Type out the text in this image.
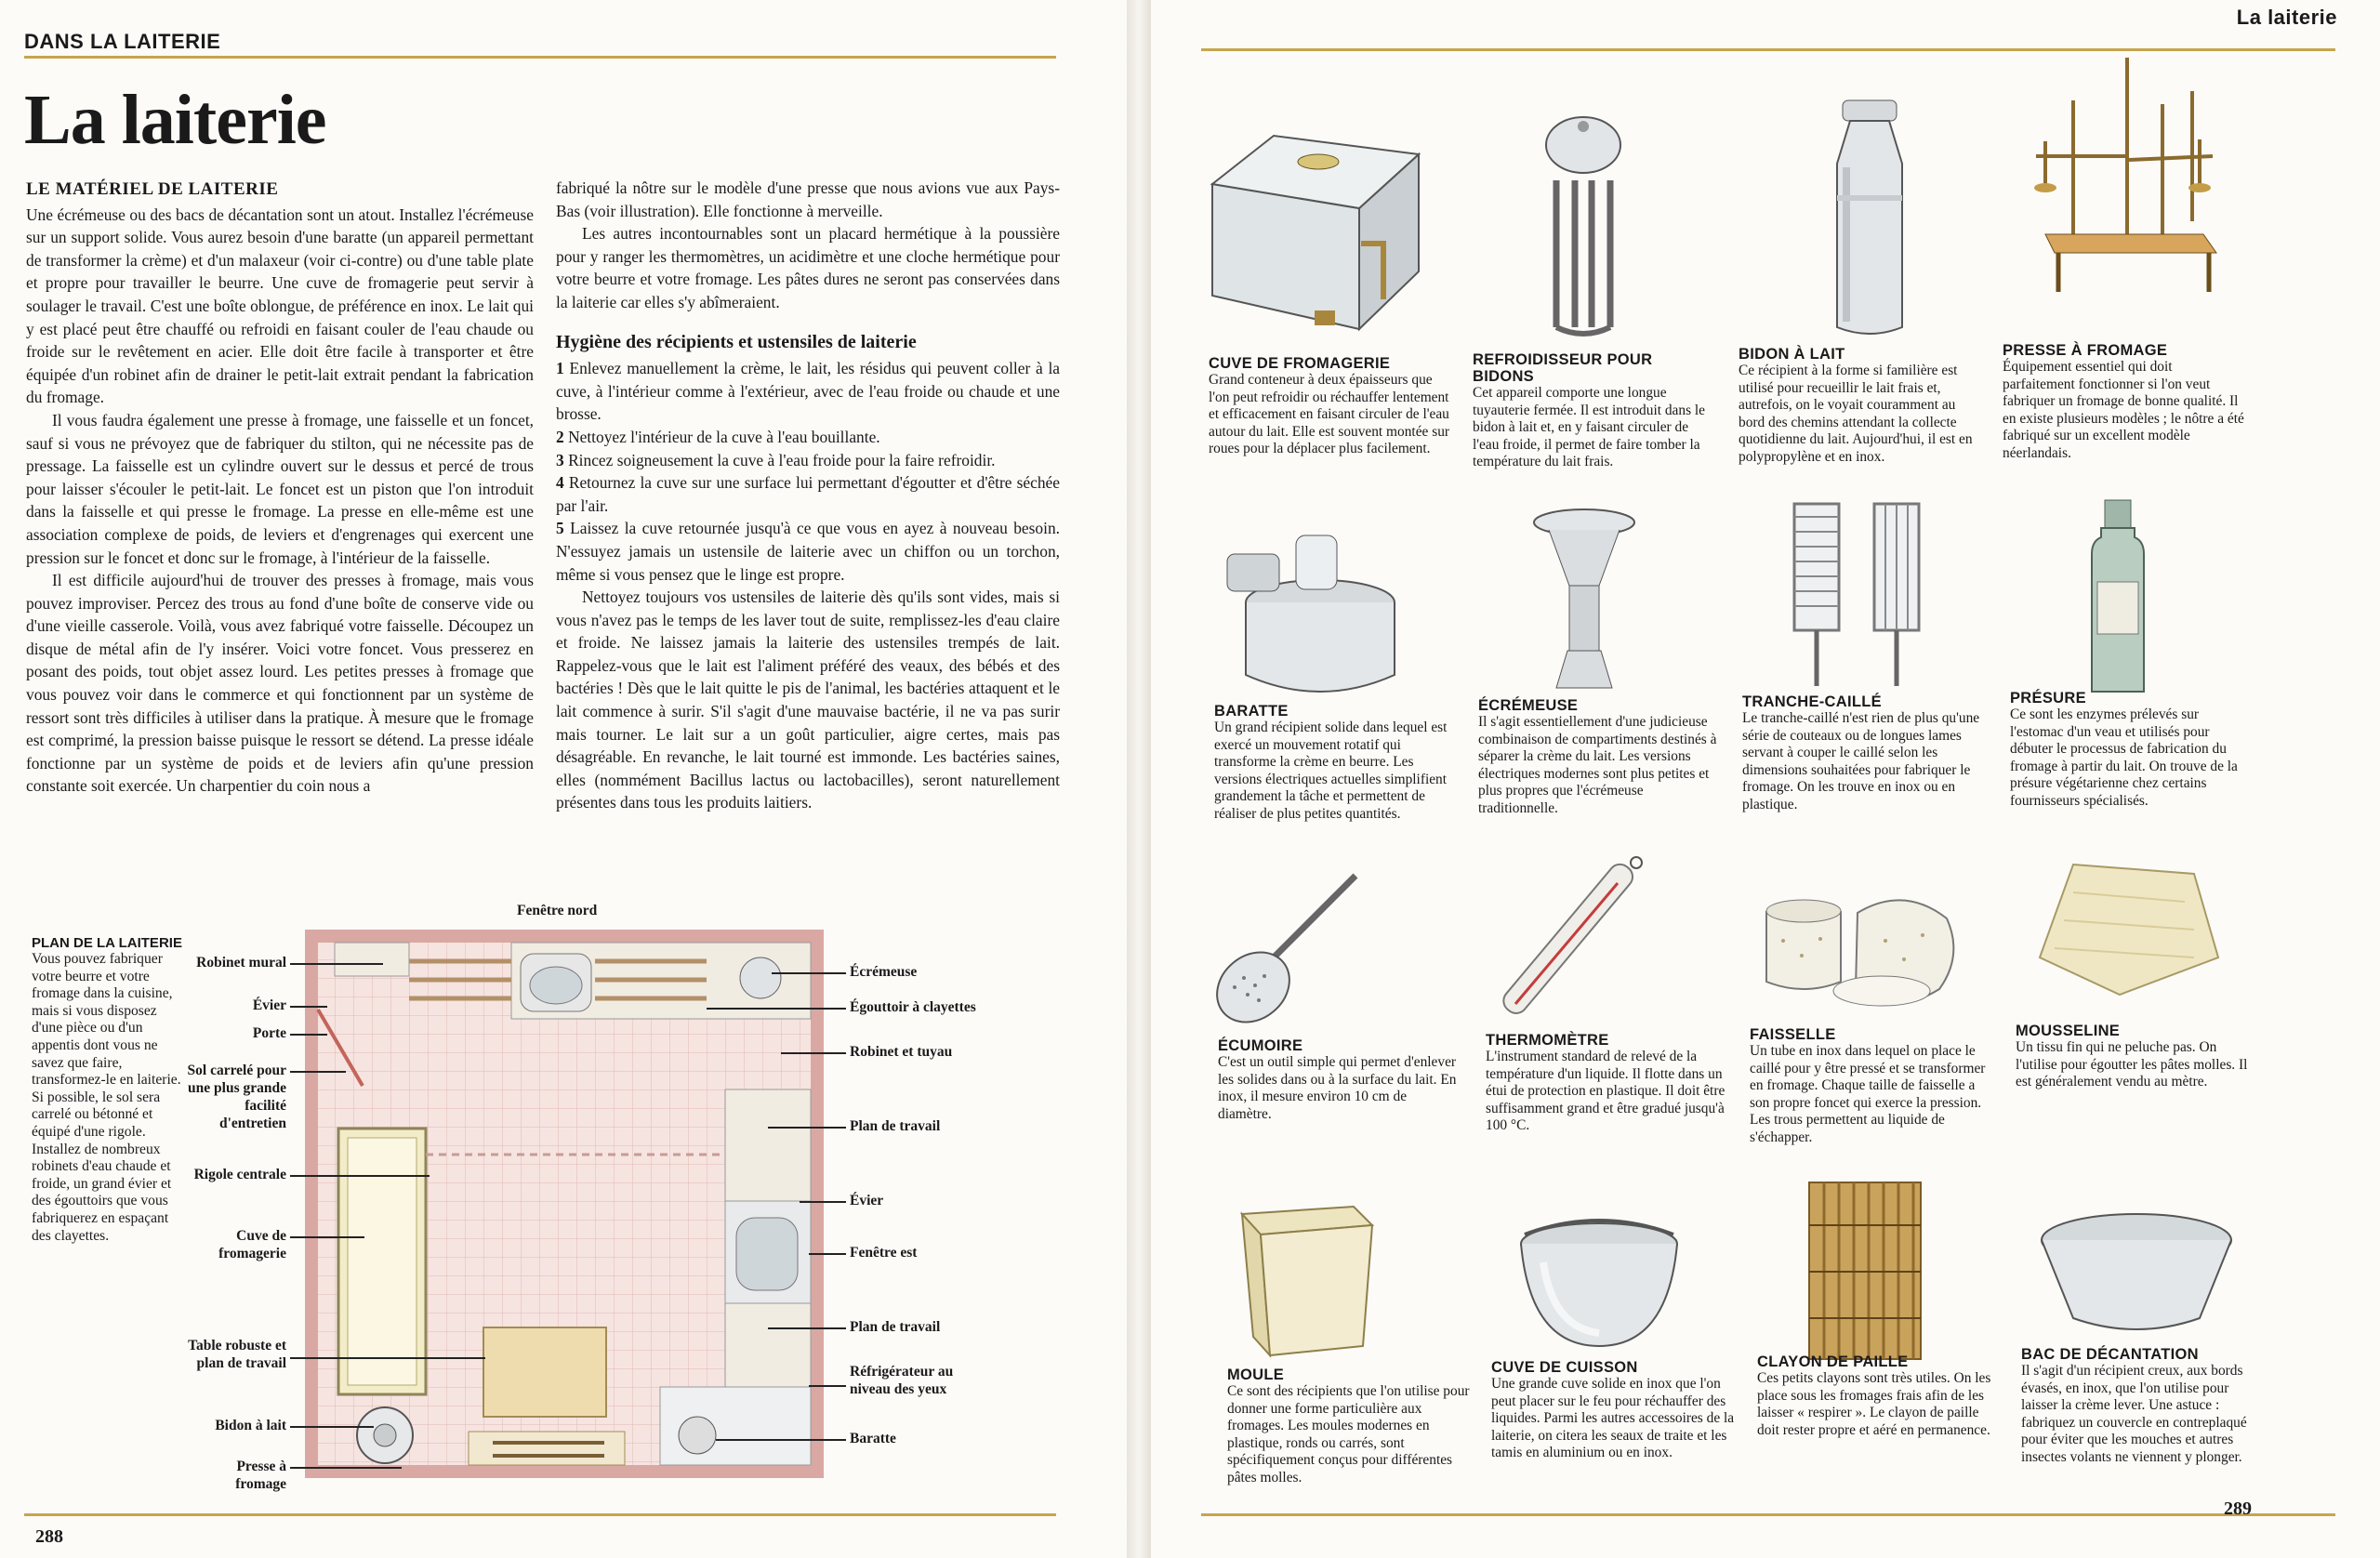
DANS LA LAITERIE
La laiterie
LE MATÉRIEL DE LAITERIE

Une écrémeuse ou des bacs de décantation sont un atout. Installez l'écrémeuse sur un support solide. Vous aurez besoin d'une baratte (un appareil permettant de transformer la crème) et d'un malaxeur (voir ci-contre) ou d'une table plate et propre pour travailler le beurre. Une cuve de fromagerie peut servir à soulager le travail. C'est une boîte oblongue, de préférence en inox. Le lait qui y est placé peut être chauffé ou refroidi en faisant couler de l'eau chaude ou froide sur le revêtement en acier. Elle doit être facile à transporter et être équipée d'un robinet afin de drainer le petit-lait extrait pendant la fabrication du fromage.

Il vous faudra également une presse à fromage, une faisselle et un foncet, sauf si vous ne prévoyez que de fabriquer du stilton, qui ne nécessite pas de pressage. La faisselle est un cylindre ouvert sur le dessus et percé de trous pour laisser s'écouler le petit-lait. Le foncet est un piston que l'on introduit dans la faisselle et qui presse le fromage. La presse en elle-même est une association complexe de poids, de leviers et d'engrenages qui exercent une pression sur le foncet et donc sur le fromage, à l'intérieur de la faisselle.

Il est difficile aujourd'hui de trouver des presses à fromage, mais vous pouvez improviser. Percez des trous au fond d'une boîte de conserve vide ou d'une vieille casserole. Voilà, vous avez fabriqué votre faisselle. Découpez un disque de métal afin de l'y insérer. Voici votre foncet. Vous presserez en posant des poids, tout objet assez lourd. Les petites presses à fromage que vous pouvez voir dans le commerce et qui fonctionnent par un système de ressort sont très difficiles à utiliser dans la pratique. À mesure que le fromage est comprimé, la pression baisse puisque le ressort se détend. La presse idéale fonctionne par un système de poids et de leviers afin qu'une pression constante soit exercée. Un charpentier du coin nous a

fabriqué la nôtre sur le modèle d'une presse que nous avions vue aux Pays-Bas (voir illustration). Elle fonctionne à merveille.

Les autres incontournables sont un placard hermétique à la poussière pour y ranger les thermomètres, un acidimètre et une cloche hermétique pour votre beurre et votre fromage. Les pâtes dures ne seront pas conservées dans la laiterie car elles s'y abîmeraient.

Hygiène des récipients et ustensiles de laiterie

1 Enlevez manuellement la crème, le lait, les résidus qui peuvent coller à la cuve, à l'intérieur comme à l'extérieur, avec de l'eau froide ou chaude et une brosse.

2 Nettoyez l'intérieur de la cuve à l'eau bouillante.

3 Rincez soigneusement la cuve à l'eau froide pour la faire refroidir.

4 Retournez la cuve sur une surface lui permettant d'égoutter et d'être séchée par l'air.

5 Laissez la cuve retournée jusqu'à ce que vous en ayez à nouveau besoin. N'essuyez jamais un ustensile de laiterie avec un chiffon ou un torchon, même si vous pensez que le linge est propre.

Nettoyez toujours vos ustensiles de laiterie dès qu'ils sont vides, mais si vous n'avez pas le temps de les laver tout de suite, remplissez-les d'eau claire et froide. Ne laissez jamais la laiterie des ustensiles trempés de lait. Rappelez-vous que le lait est l'aliment préféré des veaux, des bébés et des bactéries ! Dès que le lait quitte le pis de l'animal, les bactéries attaquent et le lait commence à surir. S'il s'agit d'une mauvaise bactérie, il ne va pas surir mais tourner. Le lait sur a un goût particulier, aigre certes, mais pas désagréable. En revanche, le lait tourné est immonde. Les bactéries saines, elles (nommément Bacillus lactus ou lactobacilles), seront naturellement présentes dans tous les produits laitiers.

PLAN DE LA LAITERIE
Vous pouvez fabriquer votre beurre et votre fromage dans la cuisine, mais si vous disposez d'une pièce ou d'un appentis dont vous ne savez que faire, transformez-le en laiterie. Si possible, le sol sera carrelé ou bétonné et équipé d'une rigole. Installez de nombreux robinets d'eau chaude et froide, un grand évier et des égouttoirs que vous fabriquerez en espaçant des clayettes.
Fenêtre nord
Robinet mural
Évier
Porte
Sol carrelé pour une plus grande facilité d'entretien
Rigole centrale
Cuve de fromagerie
Table robuste et plan de travail
Bidon à lait
Presse à fromage
Écrémeuse
Égouttoir à clayettes
Robinet et tuyau
Plan de travail
Évier
Fenêtre est
Plan de travail
Réfrigérateur au niveau des yeux
Baratte
288
La laiterie
CUVE DE FROMAGERIE
Grand conteneur à deux épaisseurs que l'on peut refroidir ou réchauffer lentement et efficacement en faisant circuler de l'eau autour du lait. Elle est souvent montée sur roues pour la déplacer plus facilement.
REFROIDISSEUR POUR BIDONS
Cet appareil comporte une longue tuyauterie fermée. Il est introduit dans le bidon à lait et, en y faisant circuler de l'eau froide, il permet de faire tomber la température du lait frais.
BIDON À LAIT
Ce récipient à la forme si familière est utilisé pour recueillir le lait frais et, autrefois, on le voyait couramment au bord des chemins attendant la collecte quotidienne du lait. Aujourd'hui, il est en polypropylène et en inox.
PRESSE À FROMAGE
Équipement essentiel qui doit parfaitement fonctionner si l'on veut fabriquer un fromage de bonne qualité. Il en existe plusieurs modèles ; le nôtre a été fabriqué sur un excellent modèle néerlandais.
BARATTE
Un grand récipient solide dans lequel est exercé un mouvement rotatif qui transforme la crème en beurre. Les versions électriques actuelles simplifient grandement la tâche et permettent de réaliser de plus petites quantités.
ÉCRÉMEUSE
Il s'agit essentiellement d'une judicieuse combinaison de compartiments destinés à séparer la crème du lait. Les versions électriques modernes sont plus petites et plus propres que l'écrémeuse traditionnelle.
TRANCHE-CAILLÉ
Le tranche-caillé n'est rien de plus qu'une série de couteaux ou de longues lames servant à couper le caillé selon les dimensions souhaitées pour fabriquer le fromage. On les trouve en inox ou en plastique.
PRÉSURE
Ce sont les enzymes prélevés sur l'estomac d'un veau et utilisés pour débuter le processus de fabrication du fromage à partir du lait. On trouve de la présure végétarienne chez certains fournisseurs spécialisés.
ÉCUMOIRE
C'est un outil simple qui permet d'enlever les solides dans ou à la surface du lait. En inox, il mesure environ 10 cm de diamètre.
THERMOMÈTRE
L'instrument standard de relevé de la température d'un liquide. Il flotte dans un étui de protection en plastique. Il doit être suffisamment grand et être gradué jusqu'à 100 °C.
FAISSELLE
Un tube en inox dans lequel on place le caillé pour y être pressé et se transformer en fromage. Chaque taille de faisselle a son propre foncet qui exerce la pression. Les trous permettent au liquide de s'échapper.
MOUSSELINE
Un tissu fin qui ne peluche pas. On l'utilise pour égoutter les pâtes molles. Il est généralement vendu au mètre.
MOULE
Ce sont des récipients que l'on utilise pour donner une forme particulière aux fromages. Les moules modernes en plastique, ronds ou carrés, sont spécifiquement conçus pour différentes pâtes molles.
CUVE DE CUISSON
Une grande cuve solide en inox que l'on peut placer sur le feu pour réchauffer des liquides. Parmi les autres accessoires de la laiterie, on citera les seaux de traite et les tamis en aluminium ou en inox.
CLAYON DE PAILLE
Ces petits clayons sont très utiles. On les place sous les fromages frais afin de les laisser « respirer ». Le clayon de paille doit rester propre et aéré en permanence.
BAC DE DÉCANTATION
Il s'agit d'un récipient creux, aux bords évasés, en inox, que l'on utilise pour laisser la crème lever. Une astuce : fabriquez un couvercle en contreplaqué pour éviter que les mouches et autres insectes volants ne viennent y plonger.
289
